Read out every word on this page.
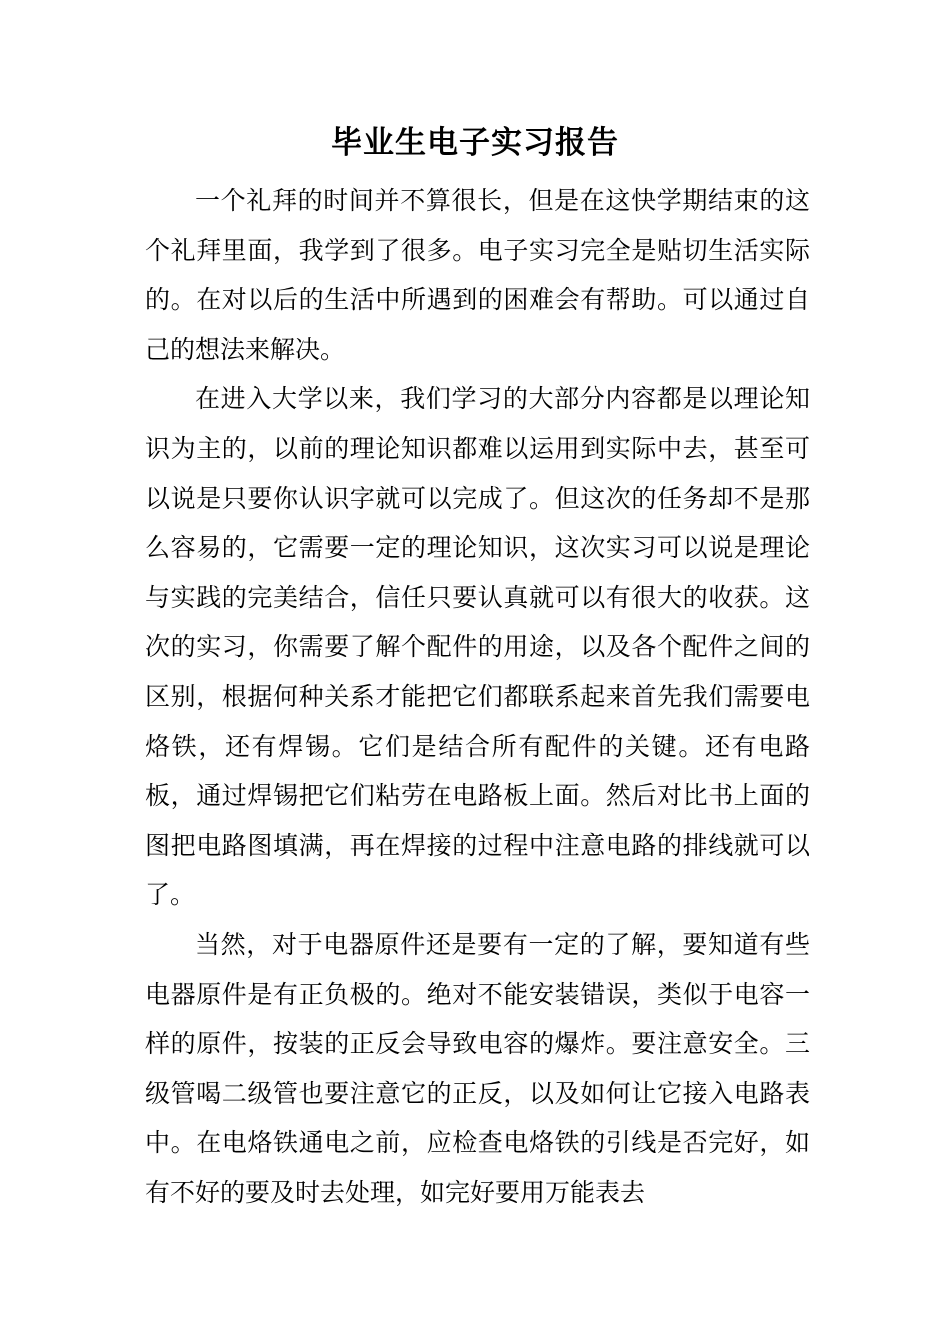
毕业生电子实习报告

一个礼拜的时间并不算很长，但是在这快学期结束的这个礼拜里面，我学到了很多。电子实习完全是贴切生活实际的。在对以后的生活中所遇到的困难会有帮助。可以通过自己的想法来解决。

在进入大学以来，我们学习的大部分内容都是以理论知识为主的，以前的理论知识都难以运用到实际中去，甚至可以说是只要你认识字就可以完成了。但这次的任务却不是那么容易的，它需要一定的理论知识，这次实习可以说是理论与实践的完美结合，信任只要认真就可以有很大的收获。这次的实习，你需要了解个配件的用途，以及各个配件之间的区别，根据何种关系才能把它们都联系起来首先我们需要电烙铁，还有焊锡。它们是结合所有配件的关键。还有电路板，通过焊锡把它们粘劳在电路板上面。然后对比书上面的图把电路图填满，再在焊接的过程中注意电路的排线就可以了。

当然，对于电器原件还是要有一定的了解，要知道有些电器原件是有正负极的。绝对不能安装错误，类似于电容一样的原件，按装的正反会导致电容的爆炸。要注意安全。三级管喝二级管也要注意它的正反，以及如何让它接入电路表中。在电烙铁通电之前，应检查电烙铁的引线是否完好，如有不好的要及时去处理，如完好要用万能表去
